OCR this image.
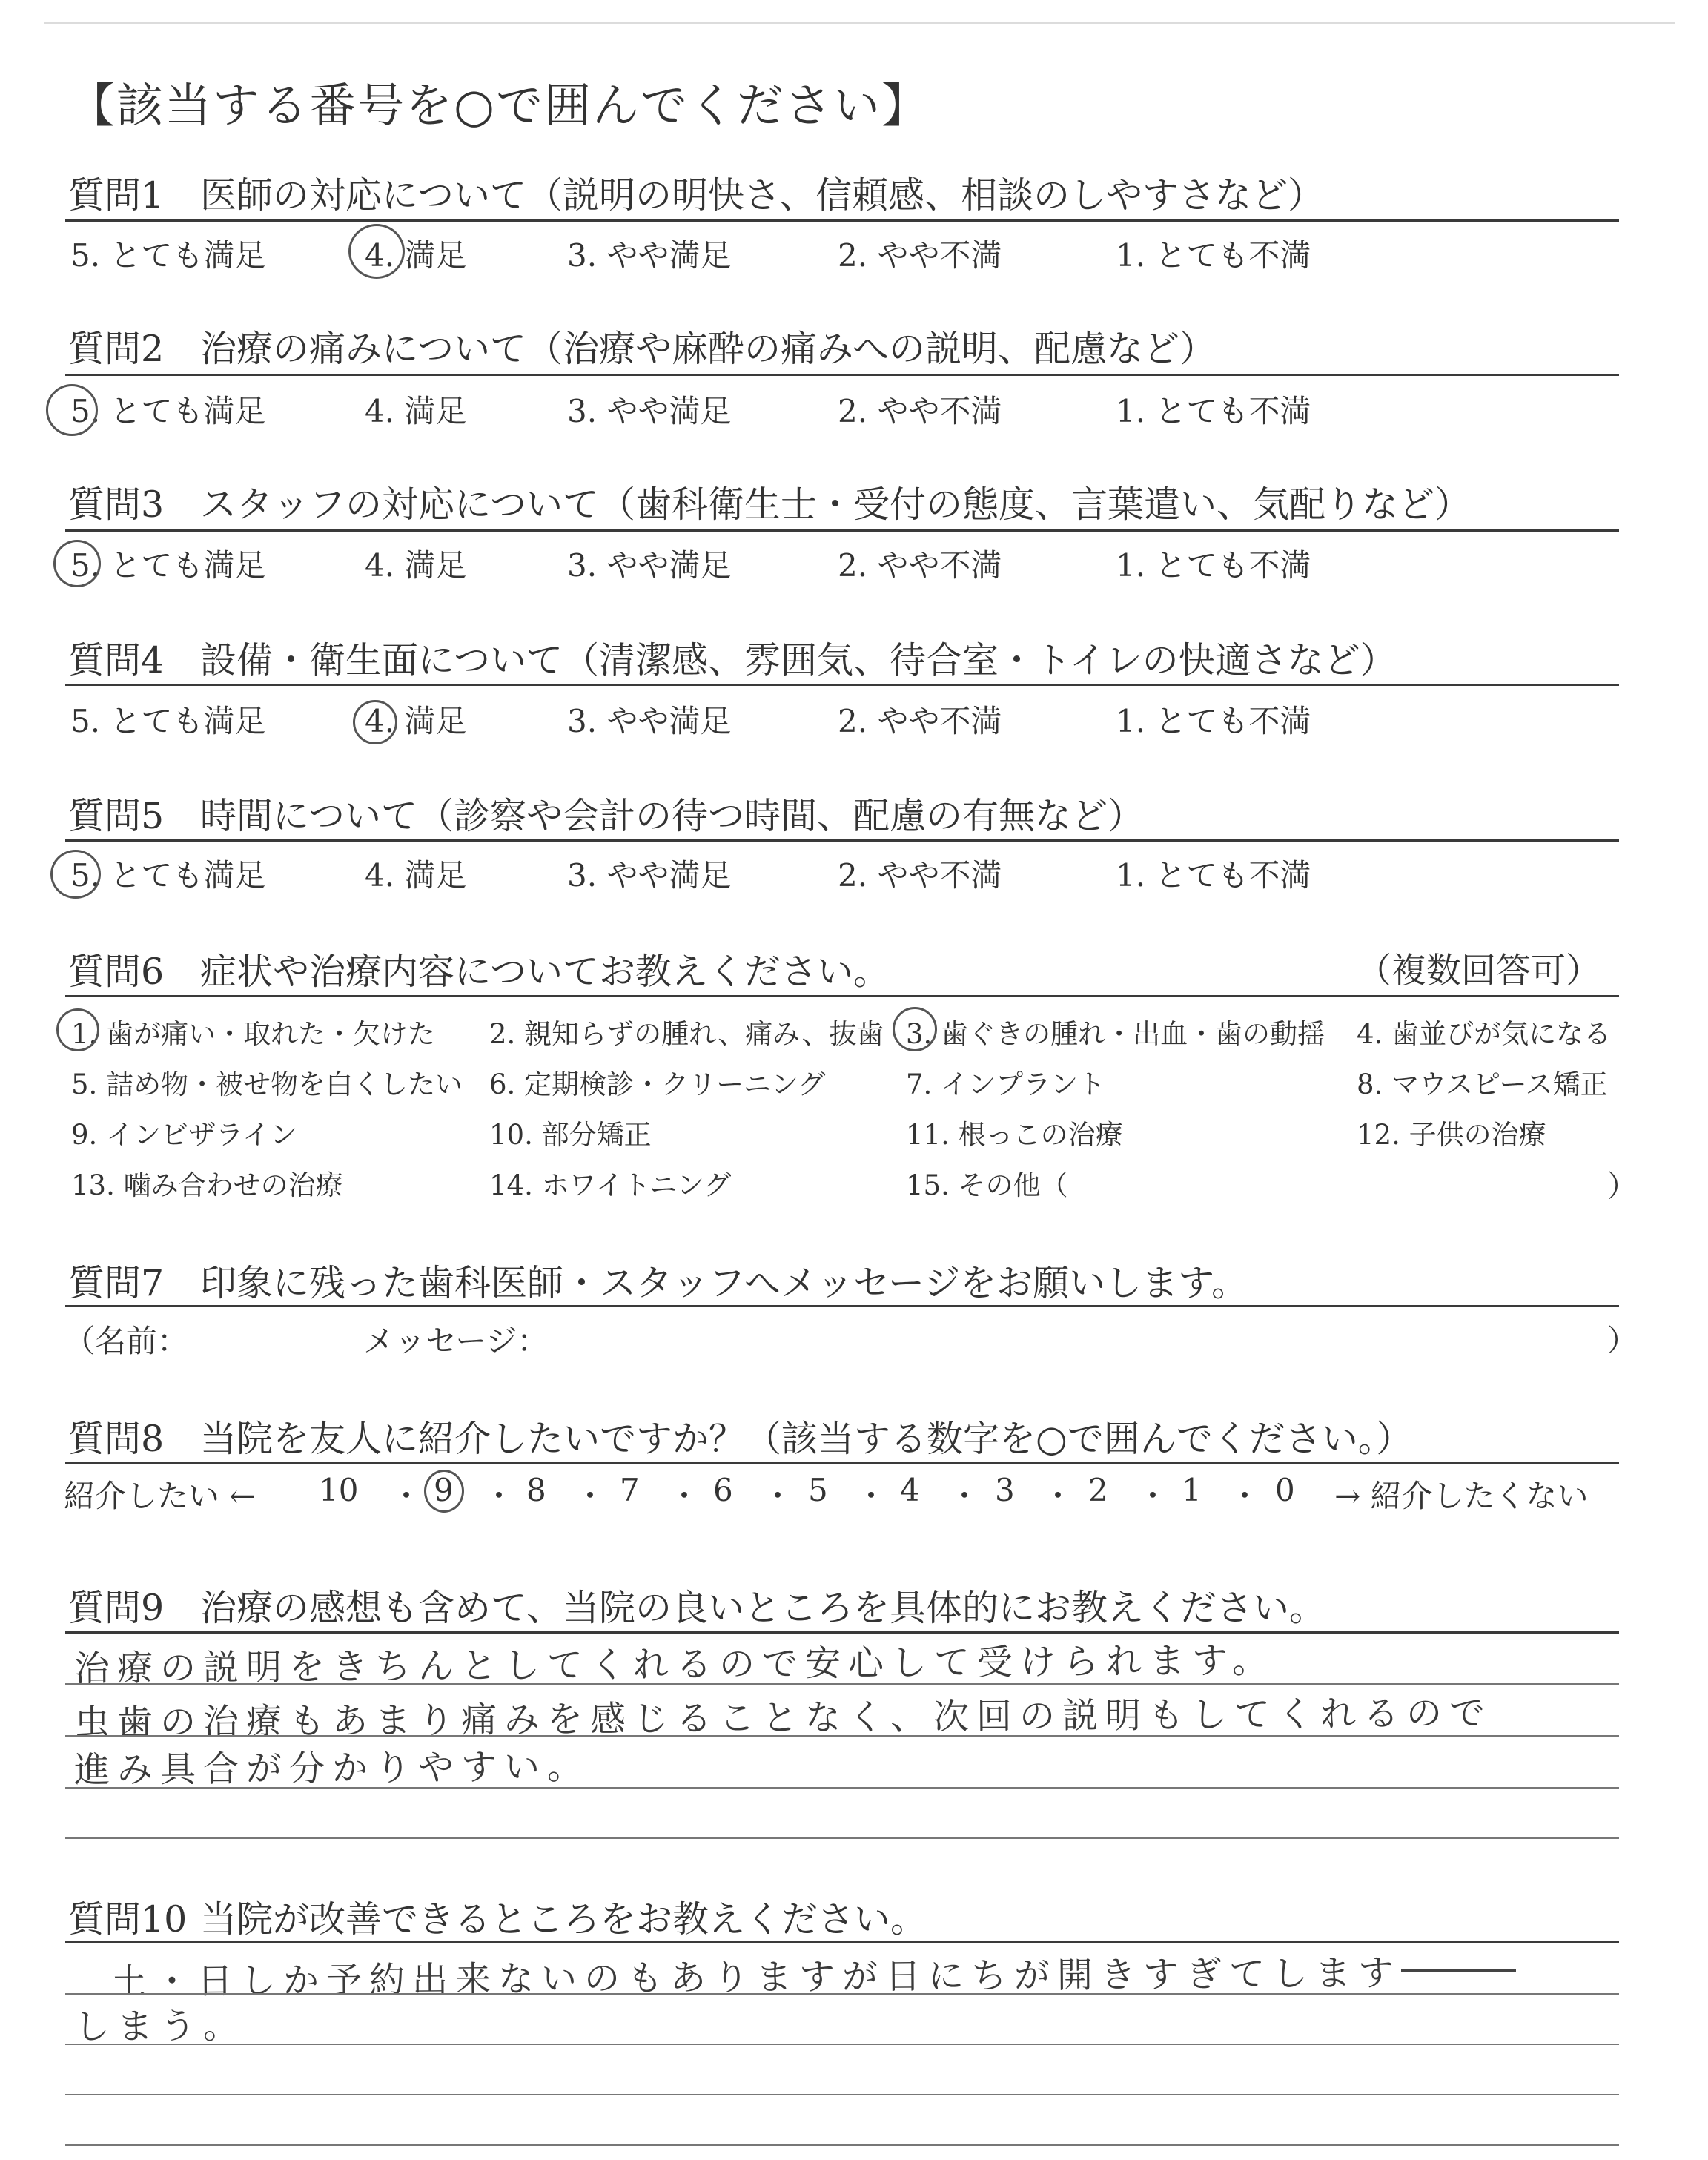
【該当する番号を○で囲んでください】
質問1 医師の対応について（説明の明快さ、信頼感、相談のしやすさなど）
5. とても満足	4. 満足	3. やや満足	2. やや不満	1. とても不満
質問2 治療の痛みについて（治療や麻酔の痛みへの説明、配慮など）
5. とても満足	4. 満足	3. やや満足	2. やや不満	1. とても不満
質問3 スタッフの対応について（歯科衛生士・受付の態度、言葉遣い、気配りなど）
5. とても満足	4. 満足	3. やや満足	2. やや不満	1. とても不満
質問4 設備・衛生面について（清潔感、雰囲気、待合室・トイレの快適さなど）
5. とても満足	4. 満足	3. やや満足	2. やや不満	1. とても不満
質問5 時間について（診察や会計の待つ時間、配慮の有無など）
5. とても満足	4. 満足	3. やや満足	2. やや不満	1. とても不満
質問6 症状や治療内容についてお教えください。	（複数回答可）
1. 歯が痛い・取れた・欠けた 2. 親知らずの腫れ、痛み、抜歯 3. 歯ぐきの腫れ・出血・歯の動揺 4. 歯並びが気になる
5. 詰め物・被せ物を白くしたい 6. 定期検診・クリーニング	7. インプラント	8. マウスピース矯正
9. インビザライン	10. 部分矯正	11. 根っこの治療	12. 子供の治療
13. 噛み合わせの治療	14. ホワイトニング	15. その他（	）
質問7 印象に残った歯科医師・スタッフへメッセージをお願いします。
（名前：	メッセージ：	）
質問8 当院を友人に紹介したいですか？（該当する数字を○で囲んでください。）
紹介したい ← 10 ・ 9 ・ 8 ・ 7 ・ 6 ・ 5 ・ 4 ・ 3 ・ 2 ・ 1 ・ 0 → 紹介したくない
質問9 治療の感想も含めて、当院の良いところを具体的にお教えください。
治療の説明をきちんとしてくれるので安心して受けられます。
虫歯の治療もあまり痛みを感じることなく、次回の説明もしてくれるので
進み具合が分かりやすい。
質問10 当院が改善できるところをお教えください。
土・日しか予約出来ないのもありますが日にちが開きすぎてします
しまう。
